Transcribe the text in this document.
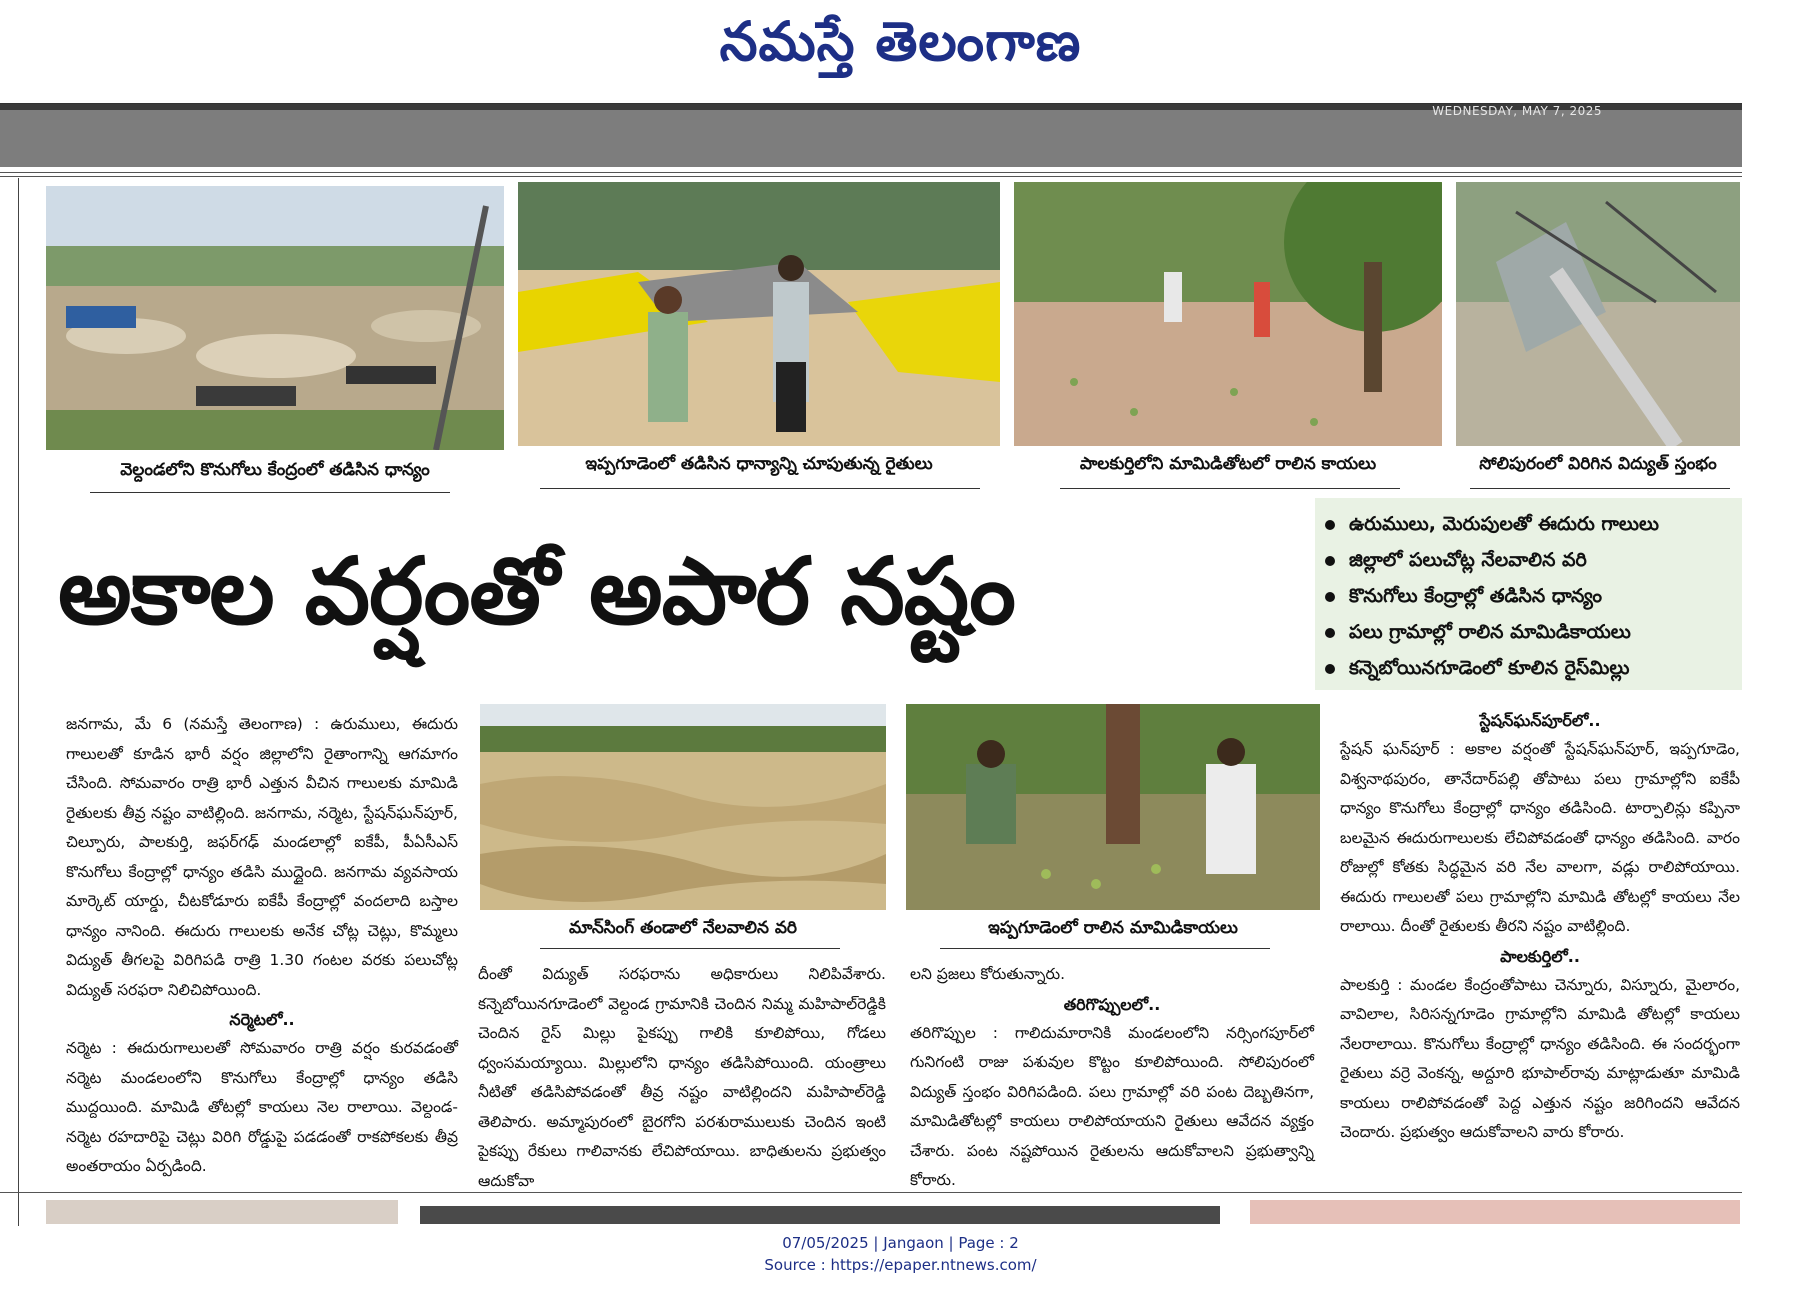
నమస్తే తెలంగాణ
WEDNESDAY, MAY 7, 2025
వెల్దండలోని కొనుగోలు కేంద్రంలో తడిసిన ధాన్యం	ఇప్పగూడెంలో తడిసిన ధాన్యాన్ని చూపుతున్న రైతులు	పాలకుర్తిలోని మామిడితోటలో రాలిన కాయలు	సోలిపురంలో విరిగిన విద్యుత్ స్తంభం
అకాల వర్షంతో అపార నష్టం
ఉరుములు, మెరుపులతో ఈదురు గాలులు
జిల్లాలో పలుచోట్ల నేలవాలిన వరి
కొనుగోలు కేంద్రాల్లో తడిసిన ధాన్యం
పలు గ్రామాల్లో రాలిన మామిడికాయలు
కన్నెబోయినగూడెంలో కూలిన రైస్‌మిల్లు

జనగామ, మే 6 (నమస్తే తెలంగాణ) : ఉరుములు, ఈదురు గాలులతో కూడిన భారీ వర్షం జిల్లాలోని రైతాంగాన్ని ఆగమాగం చేసింది. సోమవారం రాత్రి భారీ ఎత్తున వీచిన గాలులకు మామిడి రైతులకు తీవ్ర నష్టం వాటిల్లింది. జనగామ, నర్మెట, స్టేషన్‌ఘన్‌పూర్, చిల్పూరు, పాలకుర్తి, జఫర్‌గఢ్ మండలాల్లో ఐకేపీ, పీఏసీఎస్ కొనుగోలు కేంద్రాల్లో ధాన్యం తడిసి ముద్దైంది. జనగామ వ్యవసాయ మార్కెట్ యార్డు, చీటకోడూరు ఐకేపీ కేంద్రాల్లో వందలాది బస్తాల ధాన్యం నానింది. ఈదురు గాలులకు అనేక చోట్ల చెట్లు, కొమ్మలు విద్యుత్ తీగలపై విరిగిపడి రాత్రి 1.30 గంటల వరకు పలుచోట్ల విద్యుత్ సరఫరా నిలిచిపోయింది.

నర్మెటలో..

నర్మెట : ఈదురుగాలులతో సోమవారం రాత్రి వర్షం కురవడంతో నర్మెట మండలంలోని కొనుగోలు కేంద్రాల్లో ధాన్యం తడిసి ముద్దయింది. మామిడి తోటల్లో కాయలు నెల రాలాయి. వెల్దండ- నర్మెట రహదారిపై చెట్లు విరిగి రోడ్డుపై పడడంతో రాకపోకలకు తీవ్ర అంతరాయం ఏర్పడింది.

మాన్‌సింగ్ తండాలో నేలవాలిన వరి	ఇప్పగూడెంలో రాలిన మామిడికాయలు

దీంతో విద్యుత్ సరఫరాను అధికారులు నిలిపివేశారు. కన్నెబోయినగూడెంలో వెల్దండ గ్రామానికి చెందిన నిమ్మ మహిపాల్‌రెడ్డికి చెందిన రైస్ మిల్లు పైకప్పు గాలికి కూలిపోయి, గోడలు ధ్వంసమయ్యాయి. మిల్లులోని ధాన్యం తడిసిపోయింది. యంత్రాలు నీటితో తడిసిపోవడంతో తీవ్ర నష్టం వాటిల్లిందని మహిపాల్‌రెడ్డి తెలిపారు. అమ్మాపురంలో బైరగోని పరశురాములుకు చెందిన ఇంటి పైకప్పు రేకులు గాలివానకు లేచిపోయాయి. బాధితులను ప్రభుత్వం ఆదుకోవా

లని ప్రజలు కోరుతున్నారు.

తరిగొప్పులలో..

తరిగొప్పుల : గాలిదుమారానికి మండలంలోని నర్సింగపూర్‌లో గునిగంటి రాజు పశువుల కొట్టం కూలిపోయింది. సోలిపురంలో విద్యుత్ స్తంభం విరిగిపడింది. పలు గ్రామాల్లో వరి పంట దెబ్బతినగా, మామిడితోటల్లో కాయలు రాలిపోయాయని రైతులు ఆవేదన వ్యక్తం చేశారు. పంట నష్టపోయిన రైతులను ఆదుకోవాలని ప్రభుత్వాన్ని కోరారు.

స్టేషన్‌ఘన్‌పూర్‌లో..

స్టేషన్ ఘన్‌పూర్ : అకాల వర్షంతో స్టేషన్‌ఘన్‌పూర్, ఇప్పగూడెం, విశ్వనాథపురం, తానేదార్‌పల్లి తోపాటు పలు గ్రామాల్లోని ఐకేపీ ధాన్యం కొనుగోలు కేంద్రాల్లో ధాన్యం తడిసింది. టార్పాలిన్లు కప్పినా బలమైన ఈదురుగాలులకు లేచిపోవడంతో ధాన్యం తడిసింది. వారం రోజుల్లో కోతకు సిద్ధమైన వరి నేల వాలగా, వడ్లు రాలిపోయాయి. ఈదురు గాలులతో పలు గ్రామాల్లోని మామిడి తోటల్లో కాయలు నేల రాలాయి. దీంతో రైతులకు తీరని నష్టం వాటిల్లింది.

పాలకుర్తిలో..

పాలకుర్తి : మండల కేంద్రంతోపాటు చెన్నూరు, విస్నూరు, మైలారం, వావిలాల, సిరిసన్నగూడెం గ్రామాల్లోని మామిడి తోటల్లో కాయలు నేలరాలాయి. కొనుగోలు కేంద్రాల్లో ధాన్యం తడిసింది. ఈ సందర్భంగా రైతులు వర్రె వెంకన్న, అద్దూరి భూపాల్‌రావు మాట్లాడుతూ మామిడి కాయలు రాలిపోవడంతో పెద్ద ఎత్తున నష్టం జరిగిందని ఆవేదన చెందారు. ప్రభుత్వం ఆదుకోవాలని వారు కోరారు.

07/05/2025 | Jangaon | Page : 2
Source : https://epaper.ntnews.com/
